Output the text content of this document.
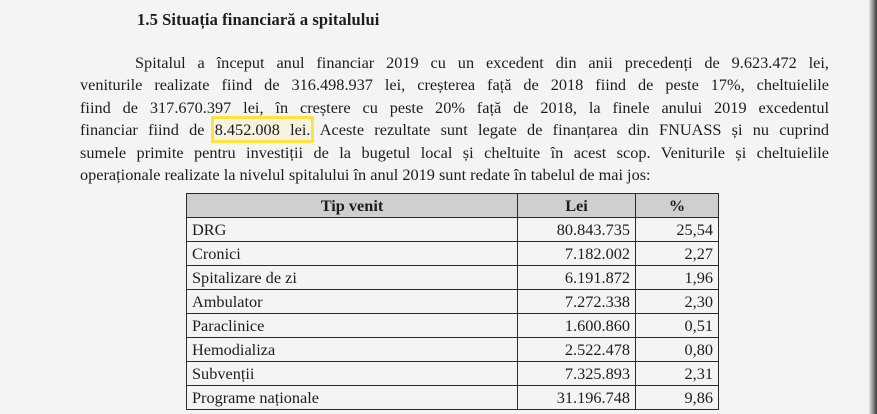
1.5 Situația financiară a spitalului
Spitalul a început anul financiar 2019 cu un excedent din anii precedenți de 9.623.472 lei,
veniturile realizate fiind de 316.498.937 lei, creșterea față de 2018 fiind de peste 17%, cheltuielile
fiind de 317.670.397 lei, în creștere cu peste 20% față de 2018, la finele anului 2019 excedentul
financiar fiind de 8.452.008 lei. Aceste rezultate sunt legate de finanțarea din FNUASS și nu cuprind
sumele primite pentru investiții de la bugetul local și cheltuite în acest scop. Veniturile și cheltuielile
operaționale realizate la nivelul spitalului în anul 2019 sunt redate în tabelul de mai jos:
Tip venit	Lei	%
DRG	80.843.735	25,54
Cronici	7.182.002	2,27
Spitalizare de zi	6.191.872	1,96
Ambulator	7.272.338	2,30
Paraclinice	1.600.860	0,51
Hemodializa	2.522.478	0,80
Subvenții	7.325.893	2,31
Programe naționale	31.196.748	9,86
